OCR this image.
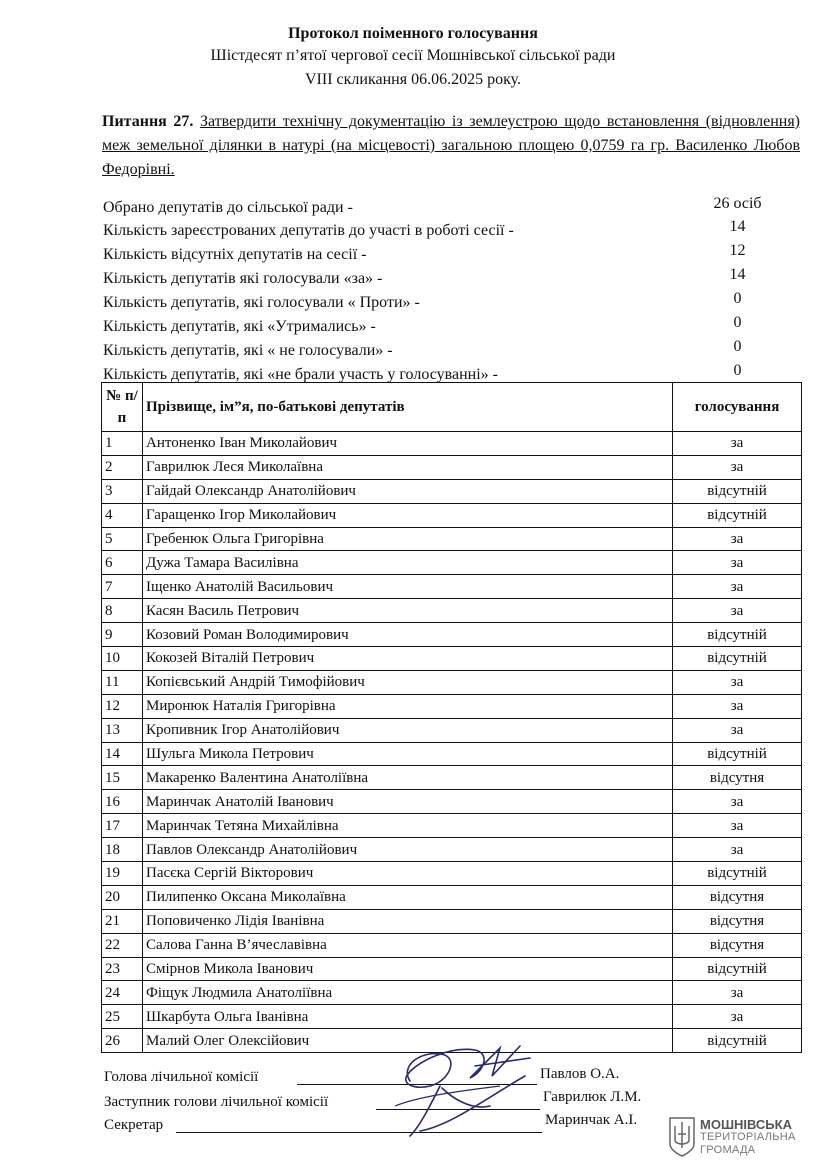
Протокол поіменного голосування
Шістдесят п’ятої чергової сесії Мошнівської сільської ради
VIII скликання 06.06.2025 року.
Питання 27. Затвердити технічну документацію із землеустрою щодо встановлення (відновлення) меж земельної ділянки в натурі (на місцевості) загальною площею 0,0759 га гр. Василенко Любов Федорівні.
Обрано депутатів до сільської ради -	26 осіб
Кількість зареєстрованих депутатів до участі в роботі сесії -	14
Кількість відсутніх депутатів на сесії -	12
Кількість депутатів які голосували «за» -	14
Кількість депутатів, які голосували « Проти» -	0
Кількість депутатів, які «Утримались» -	0
Кількість депутатів, які « не голосували» -	0
Кількість депутатів, які «не брали участь у голосуванні» -	0
№ п/п	Прізвище, ім”я, по-батькові депутатів	голосування
1	Антоненко Іван Миколайович	за
2	Гаврилюк Леся Миколаївна	за
3	Гайдай Олександр Анатолійович	відсутній
4	Гаращенко Ігор Миколайович	відсутній
5	Гребенюк Ольга Григорівна	за
6	Дужа Тамара Василівна	за
7	Іщенко Анатолій Васильович	за
8	Касян Василь Петрович	за
9	Козовий Роман Володимирович	відсутній
10	Кокозей Віталій Петрович	відсутній
11	Копієвський Андрій Тимофійович	за
12	Миронюк Наталія Григорівна	за
13	Кропивник Ігор Анатолійович	за
14	Шульга Микола Петрович	відсутній
15	Макаренко Валентина Анатоліївна	відсутня
16	Маринчак Анатолій Іванович	за
17	Маринчак Тетяна Михайлівна	за
18	Павлов Олександр Анатолійович	за
19	Пасєка Сергій Вікторович	відсутній
20	Пилипенко Оксана Миколаївна	відсутня
21	Поповиченко Лідія Іванівна	відсутня
22	Салова Ганна В’ячеславівна	відсутня
23	Смірнов Микола Іванович	відсутній
24	Фіщук Людмила Анатоліївна	за
25	Шкарбута Ольга Іванівна	за
26	Малий Олег Олексійович	відсутній
Голова лічильної комісії	Павлов О.А.
Заступник голови лічильної комісії	Гаврилюк Л.М.
Секретар	Маринчак А.І.	МОШНІВСЬКА
ТЕРИТОРІАЛЬНА
ГРОМАДА
